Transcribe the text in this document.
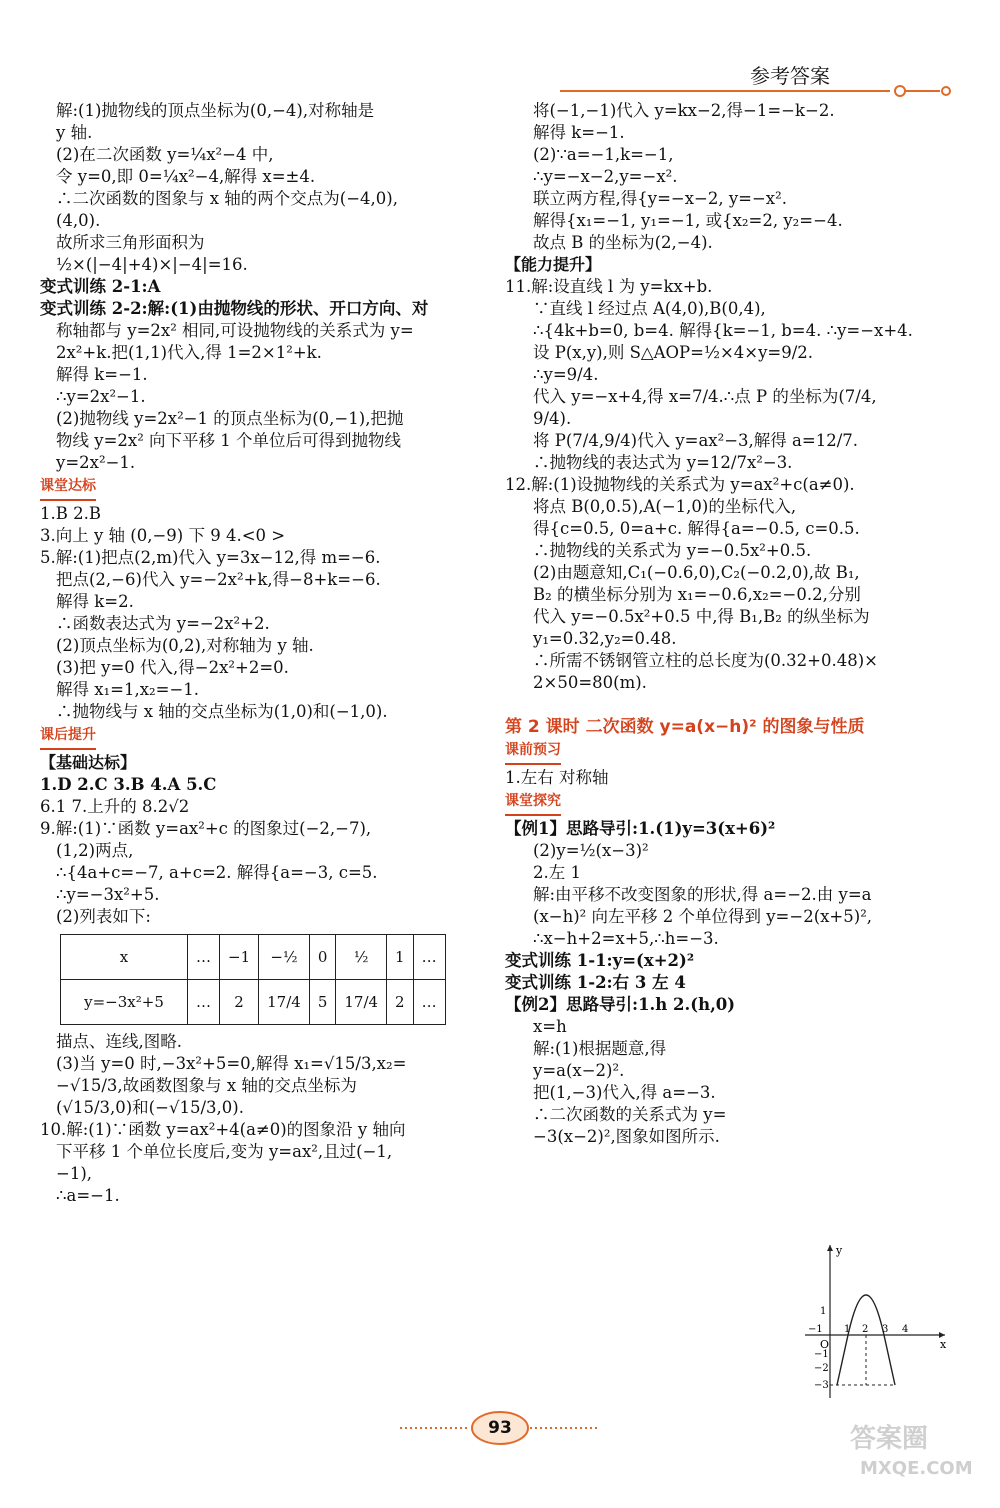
参考答案
解:(1)抛物线的顶点坐标为(0,−4),对称轴是
y 轴.
(2)在二次函数 y=¼x²−4 中,
令 y=0,即 0=¼x²−4,解得 x=±4.
∴二次函数的图象与 x 轴的两个交点为(−4,0),
(4,0).
故所求三角形面积为
½×(|−4|+4)×|−4|=16.
变式训练 2-1:A
变式训练 2-2:解:(1)由抛物线的形状、开口方向、对
称轴都与 y=2x² 相同,可设抛物线的关系式为 y=
2x²+k.把(1,1)代入,得 1=2×1²+k.
解得 k=−1.
∴y=2x²−1.
(2)抛物线 y=2x²−1 的顶点坐标为(0,−1),把抛
物线 y=2x² 向下平移 1 个单位后可得到抛物线
y=2x²−1.
课堂达标
1.B 2.B
3.向上 y 轴 (0,−9) 下 9 4.<0 >
5.解:(1)把点(2,m)代入 y=3x−12,得 m=−6.
把点(2,−6)代入 y=−2x²+k,得−8+k=−6.
解得 k=2.
∴函数表达式为 y=−2x²+2.
(2)顶点坐标为(0,2),对称轴为 y 轴.
(3)把 y=0 代入,得−2x²+2=0.
解得 x₁=1,x₂=−1.
∴抛物线与 x 轴的交点坐标为(1,0)和(−1,0).
课后提升
【基础达标】
1.D 2.C 3.B 4.A 5.C
6.1 7.上升的 8.2√2
9.解:(1)∵函数 y=ax²+c 的图象过(−2,−7),
(1,2)两点,
∴{4a+c=−7, a+c=2. 解得{a=−3, c=5.
∴y=−3x²+5.
(2)列表如下:
x	…	−1	−½	0	½	1	…
y=−3x²+5	…	2	17/4	5	17/4	2	…
描点、连线,图略.
(3)当 y=0 时,−3x²+5=0,解得 x₁=√15/3,x₂=
−√15/3,故函数图象与 x 轴的交点坐标为
(√15/3,0)和(−√15/3,0).
10.解:(1)∵函数 y=ax²+4(a≠0)的图象沿 y 轴向
下平移 1 个单位长度后,变为 y=ax²,且过(−1,
−1),
∴a=−1.
将(−1,−1)代入 y=kx−2,得−1=−k−2.
解得 k=−1.
(2)∵a=−1,k=−1,
∴y=−x−2,y=−x².
联立两方程,得{y=−x−2, y=−x².
解得{x₁=−1, y₁=−1, 或{x₂=2, y₂=−4.
故点 B 的坐标为(2,−4).
【能力提升】
11.解:设直线 l 为 y=kx+b.
∵直线 l 经过点 A(4,0),B(0,4),
∴{4k+b=0, b=4. 解得{k=−1, b=4. ∴y=−x+4.
设 P(x,y),则 S△AOP=½×4×y=9/2.
∴y=9/4.
代入 y=−x+4,得 x=7/4.∴点 P 的坐标为(7/4,
9/4).
将 P(7/4,9/4)代入 y=ax²−3,解得 a=12/7.
∴抛物线的表达式为 y=12/7x²−3.
12.解:(1)设抛物线的关系式为 y=ax²+c(a≠0).
将点 B(0,0.5),A(−1,0)的坐标代入,
得{c=0.5, 0=a+c. 解得{a=−0.5, c=0.5.
∴抛物线的关系式为 y=−0.5x²+0.5.
(2)由题意知,C₁(−0.6,0),C₂(−0.2,0),故 B₁,
B₂ 的横坐标分别为 x₁=−0.6,x₂=−0.2,分别
代入 y=−0.5x²+0.5 中,得 B₁,B₂ 的纵坐标为
y₁=0.32,y₂=0.48.
∴所需不锈钢管立柱的总长度为(0.32+0.48)×
2×50=80(m).
第 2 课时 二次函数 y=a(x−h)² 的图象与性质
课前预习
1.左右 对称轴
课堂探究
【例1】思路导引:1.(1)y=3(x+6)²
(2)y=½(x−3)²
2.左 1
解:由平移不改变图象的形状,得 a=−2.由 y=a
(x−h)² 向左平移 2 个单位得到 y=−2(x+5)²,
∴x−h+2=x+5,∴h=−3.
变式训练 1-1:y=(x+2)²
变式训练 1-2:右 3 左 4
【例2】思路导引:1.h 2.(h,0)
x=h
解:(1)根据题意,得
y=a(x−2)².
把(1,−3)代入,得 a=−3.
∴二次函数的关系式为 y=
−3(x−2)²,图象如图所示.
y
x
O
−1 1 2 3 4
1
−1
−2
−3
93	答案圈
MXQE.COM
